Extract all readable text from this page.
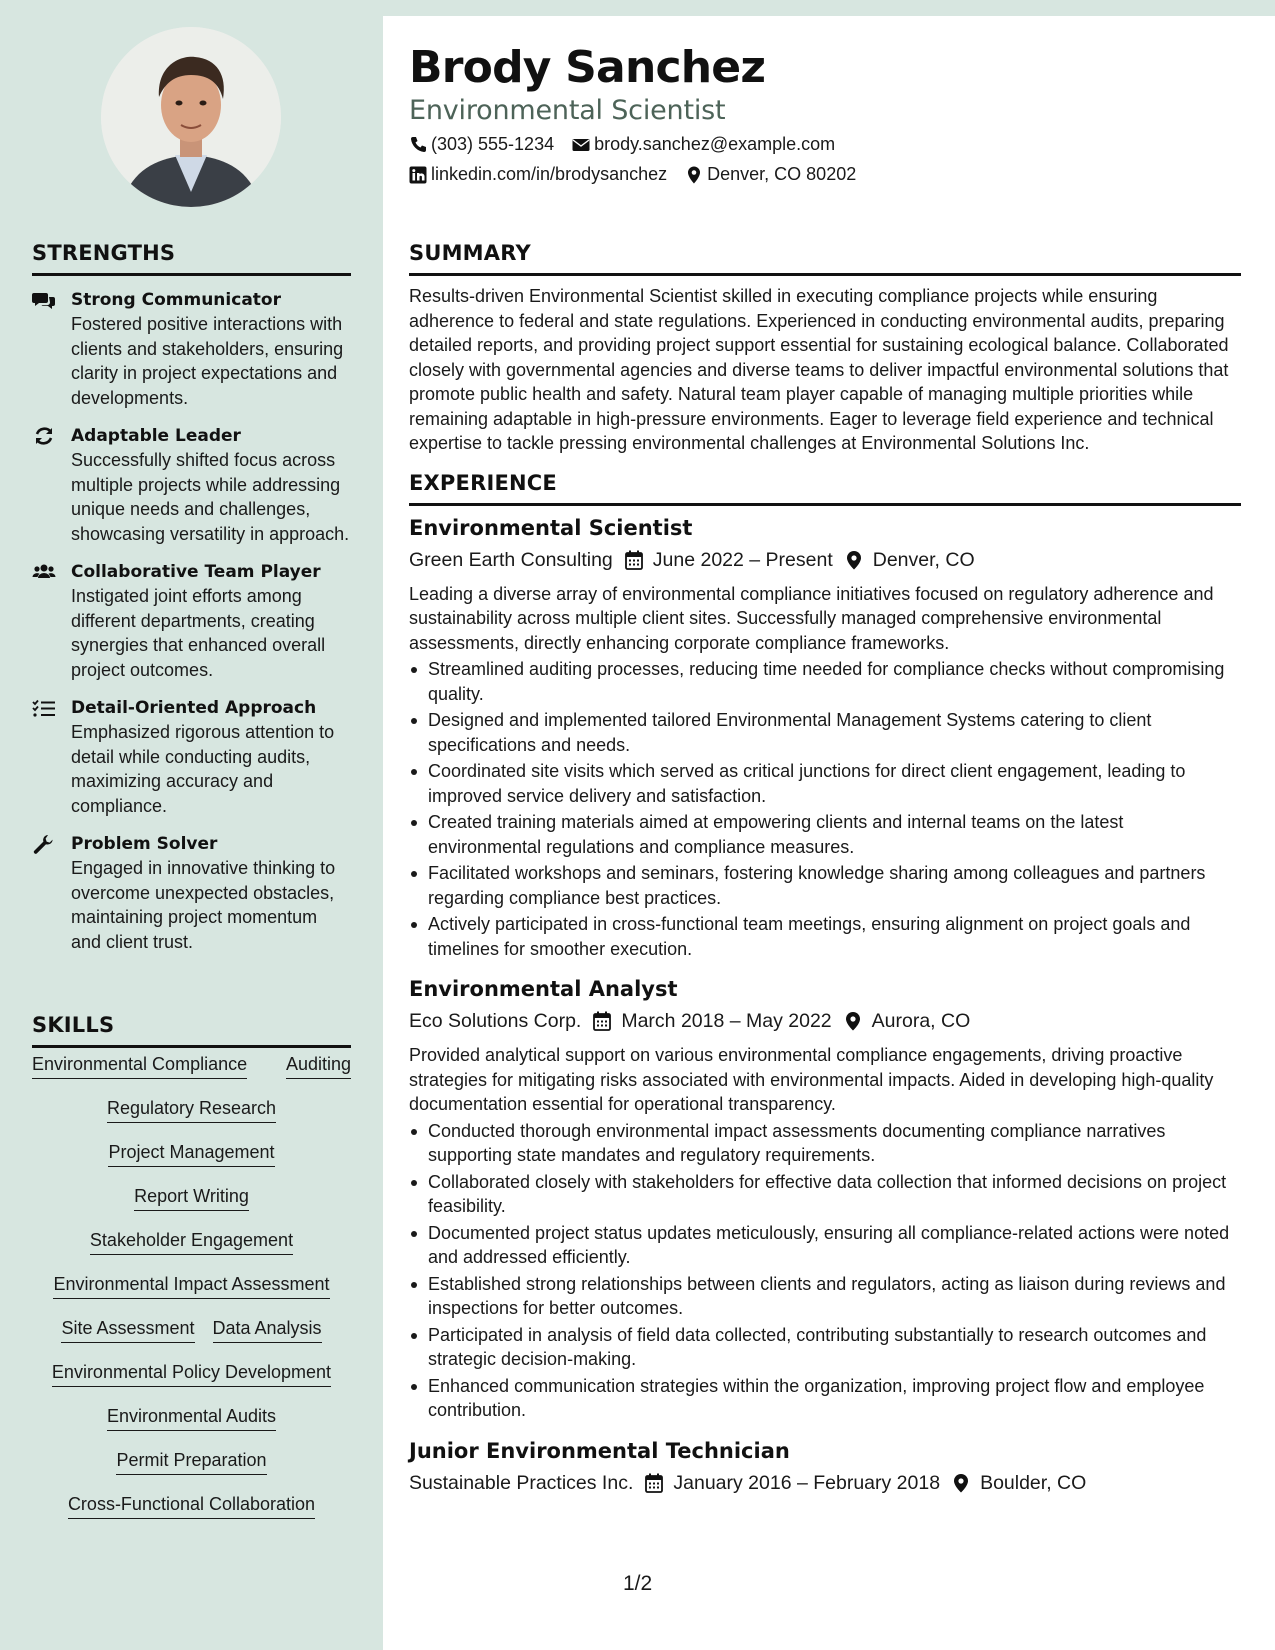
STRENGTHS
Strong Communicator
Fostered positive interactions with clients and stakeholders, ensuring clarity in project expectations and developments.
Adaptable Leader
Successfully shifted focus across multiple projects while addressing unique needs and challenges, showcasing versatility in approach.
Collaborative Team Player
Instigated joint efforts among different departments, creating synergies that enhanced overall project outcomes.
Detail-Oriented Approach
Emphasized rigorous attention to detail while conducting audits, maximizing accuracy and compliance.
Problem Solver
Engaged in innovative thinking to overcome unexpected obstacles, maintaining project momentum and client trust.
SKILLS
Environmental Compliance Auditing
Regulatory Research
Project Management
Report Writing
Stakeholder Engagement
Environmental Impact Assessment
Site Assessment Data Analysis
Environmental Policy Development
Environmental Audits
Permit Preparation
Cross-Functional Collaboration
Brody Sanchez
Environmental Scientist
(303) 555-1234 brody.sanchez@example.com
linkedin.com/in/brodysanchez Denver, CO 80202
SUMMARY
Results-driven Environmental Scientist skilled in executing compliance projects while ensuring adherence to federal and state regulations. Experienced in conducting environmental audits, preparing detailed reports, and providing project support essential for sustaining ecological balance. Collaborated closely with governmental agencies and diverse teams to deliver impactful environmental solutions that promote public health and safety. Natural team player capable of managing multiple priorities while remaining adaptable in high-pressure environments. Eager to leverage field experience and technical expertise to tackle pressing environmental challenges at Environmental Solutions Inc.
EXPERIENCE
Environmental Scientist
Green Earth Consulting June 2022 – Present Denver, CO
Leading a diverse array of environmental compliance initiatives focused on regulatory adherence and sustainability across multiple client sites. Successfully managed comprehensive environmental assessments, directly enhancing corporate compliance frameworks.
Streamlined auditing processes, reducing time needed for compliance checks without compromising quality.
Designed and implemented tailored Environmental Management Systems catering to client specifications and needs.
Coordinated site visits which served as critical junctions for direct client engagement, leading to improved service delivery and satisfaction.
Created training materials aimed at empowering clients and internal teams on the latest environmental regulations and compliance measures.
Facilitated workshops and seminars, fostering knowledge sharing among colleagues and partners regarding compliance best practices.
Actively participated in cross-functional team meetings, ensuring alignment on project goals and timelines for smoother execution.
Environmental Analyst
Eco Solutions Corp. March 2018 – May 2022 Aurora, CO
Provided analytical support on various environmental compliance engagements, driving proactive strategies for mitigating risks associated with environmental impacts. Aided in developing high-quality documentation essential for operational transparency.
Conducted thorough environmental impact assessments documenting compliance narratives supporting state mandates and regulatory requirements.
Collaborated closely with stakeholders for effective data collection that informed decisions on project feasibility.
Documented project status updates meticulously, ensuring all compliance-related actions were noted and addressed efficiently.
Established strong relationships between clients and regulators, acting as liaison during reviews and inspections for better outcomes.
Participated in analysis of field data collected, contributing substantially to research outcomes and strategic decision-making.
Enhanced communication strategies within the organization, improving project flow and employee contribution.
Junior Environmental Technician
Sustainable Practices Inc. January 2016 – February 2018 Boulder, CO
1/2
